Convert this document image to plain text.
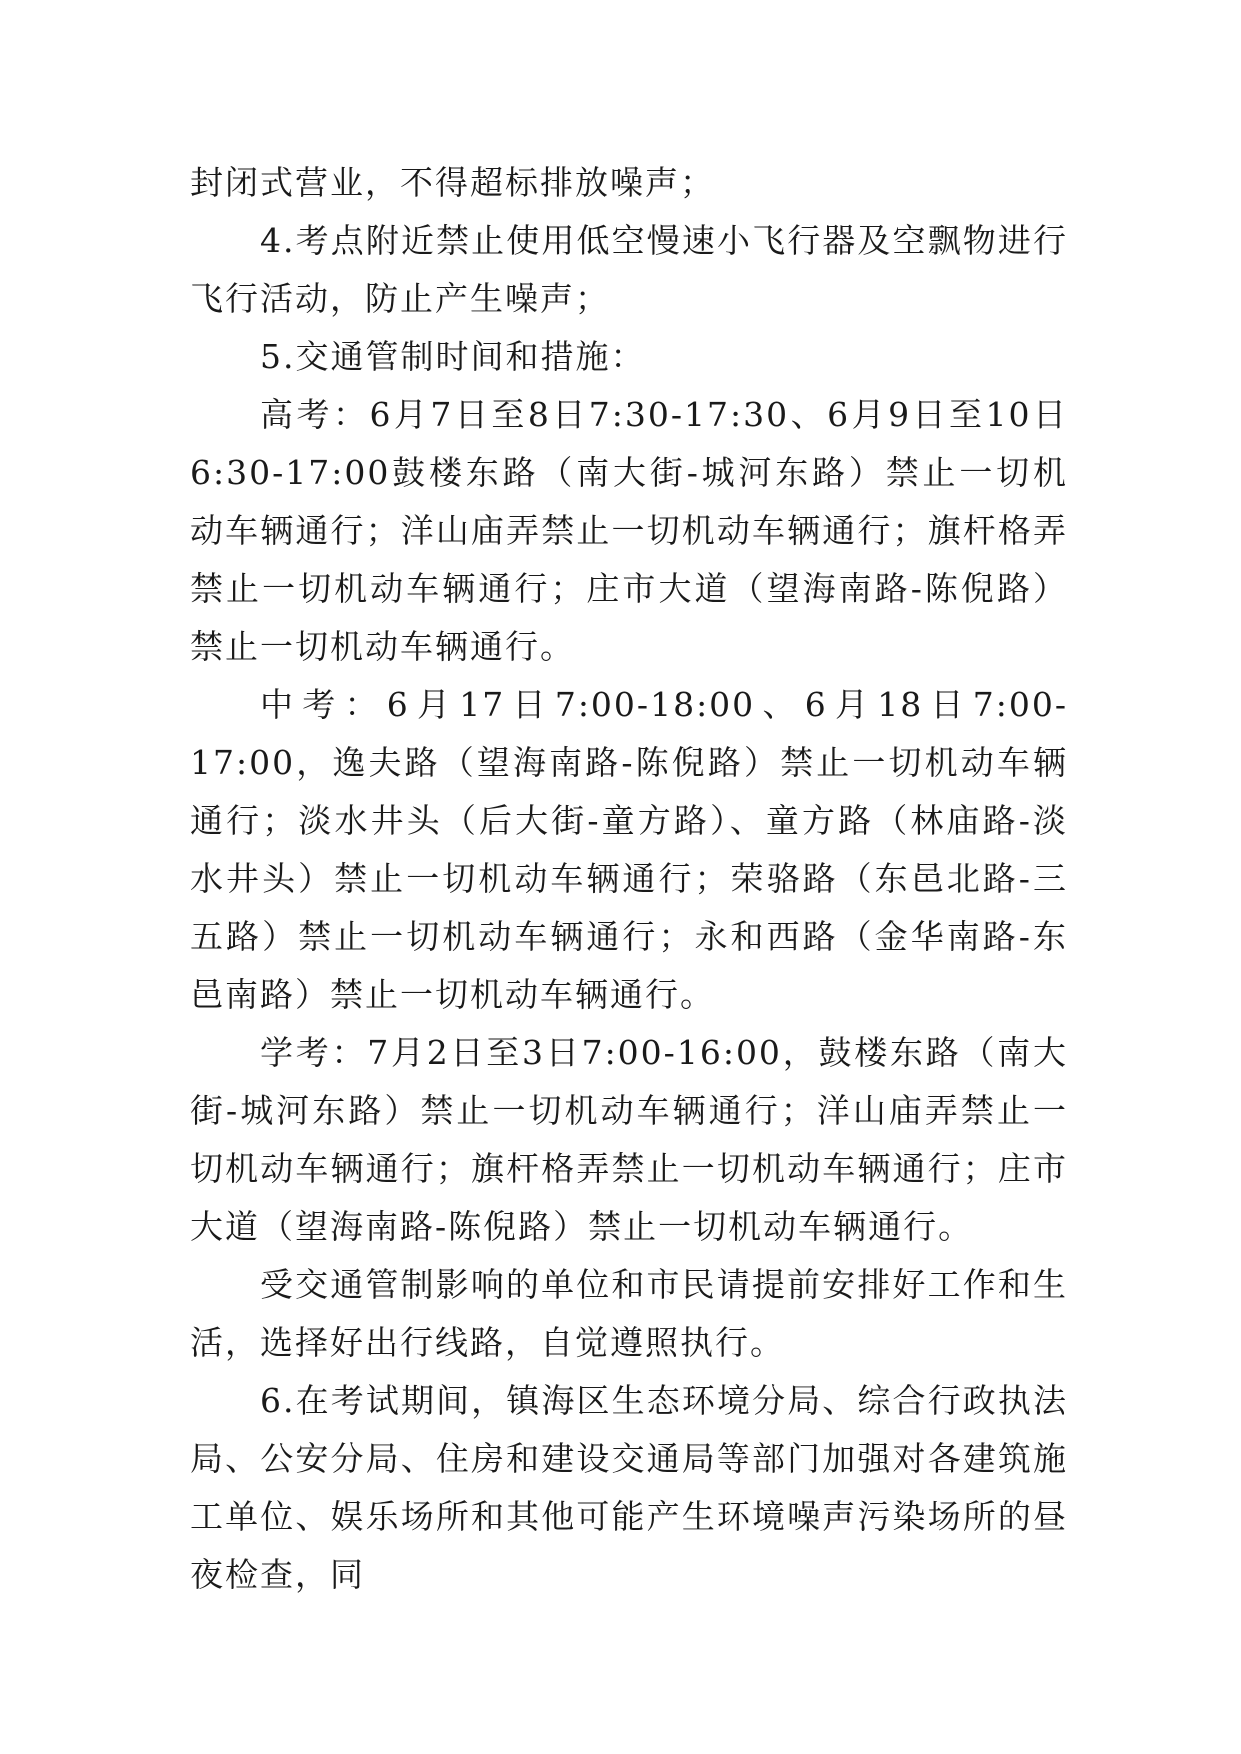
封闭式营业，不得超标排放噪声；

4.考点附近禁止使用低空慢速小飞行器及空飘物进行飞行活动，防止产生噪声；

5.交通管制时间和措施：

高考：6月7日至8日7:30-17:30、6月9日至10日6:30-17:00鼓楼东路（南大街-城河东路）禁止一切机动车辆通行；洋山庙弄禁止一切机动车辆通行；旗杆格弄禁止一切机动车辆通行；庄市大道（望海南路-陈倪路）禁止一切机动车辆通行。

中考：6月17日7:00-18:00、6月18日7:00-17:00，逸夫路（望海南路-陈倪路）禁止一切机动车辆通行；淡水井头（后大街-童方路）、童方路（林庙路-淡水井头）禁止一切机动车辆通行；荣骆路（东邑北路-三五路）禁止一切机动车辆通行；永和西路（金华南路-东邑南路）禁止一切机动车辆通行。

学考：7月2日至3日7:00-16:00，鼓楼东路（南大街-城河东路）禁止一切机动车辆通行；洋山庙弄禁止一切机动车辆通行；旗杆格弄禁止一切机动车辆通行；庄市大道（望海南路-陈倪路）禁止一切机动车辆通行。

受交通管制影响的单位和市民请提前安排好工作和生活，选择好出行线路，自觉遵照执行。

6.在考试期间，镇海区生态环境分局、综合行政执法局、公安分局、住房和建设交通局等部门加强对各建筑施工单位、娱乐场所和其他可能产生环境噪声污染场所的昼夜检查，同
